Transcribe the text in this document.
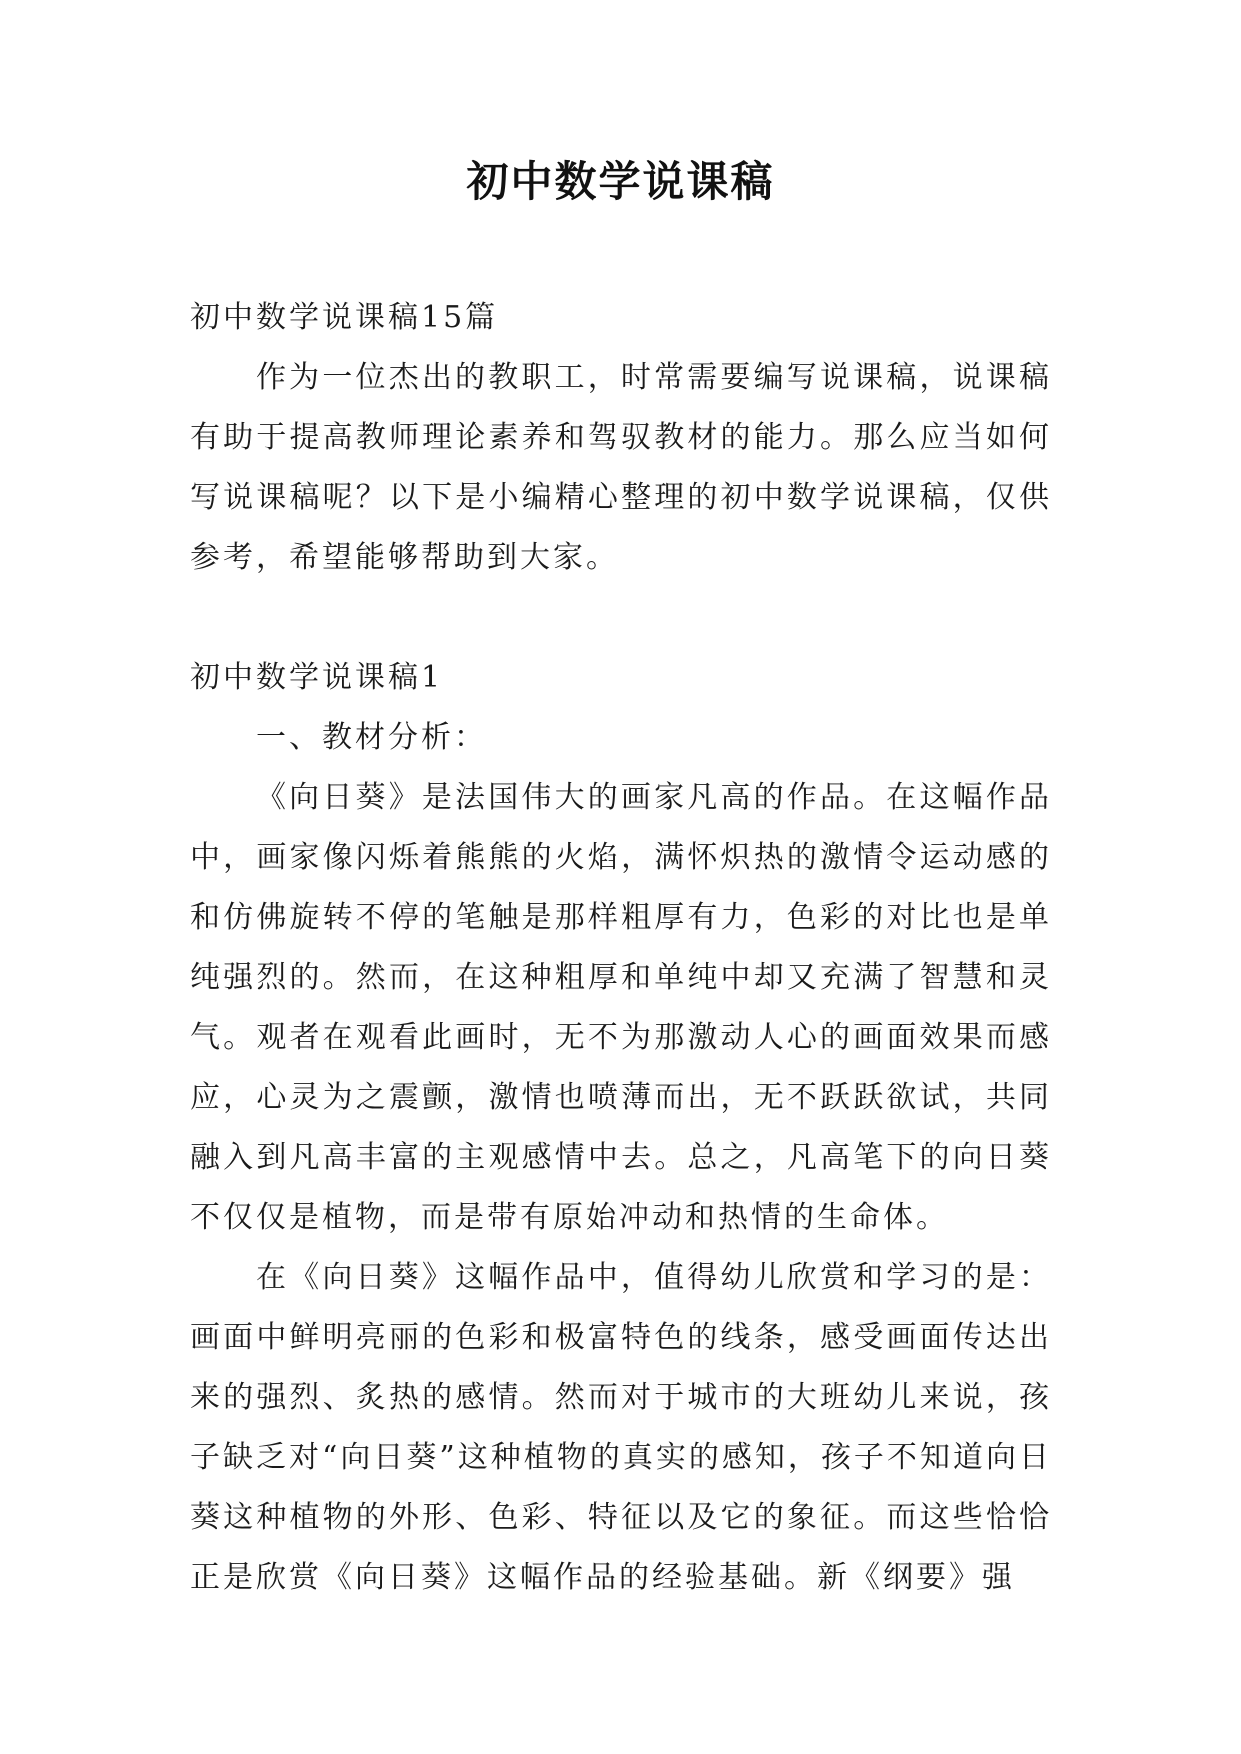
初中数学说课稿

初中数学说课稿15篇

作为一位杰出的教职工，时常需要编写说课稿，说课稿有助于提高教师理论素养和驾驭教材的能力。那么应当如何写说课稿呢？以下是小编精心整理的初中数学说课稿，仅供参考，希望能够帮助到大家。

初中数学说课稿1

一、教材分析：

《向日葵》是法国伟大的画家凡高的作品。在这幅作品中，画家像闪烁着熊熊的火焰，满怀炽热的激情令运动感的和仿佛旋转不停的笔触是那样粗厚有力，色彩的对比也是单纯强烈的。然而，在这种粗厚和单纯中却又充满了智慧和灵气。观者在观看此画时，无不为那激动人心的画面效果而感应，心灵为之震颤，激情也喷薄而出，无不跃跃欲试，共同融入到凡高丰富的主观感情中去。总之，凡高笔下的向日葵不仅仅是植物，而是带有原始冲动和热情的生命体。

在《向日葵》这幅作品中，值得幼儿欣赏和学习的是：画面中鲜明亮丽的色彩和极富特色的线条，感受画面传达出来的强烈、炙热的感情。然而对于城市的大班幼儿来说，孩子缺乏对“向日葵”这种植物的真实的感知，孩子不知道向日葵这种植物的外形、色彩、特征以及它的象征。而这些恰恰正是欣赏《向日葵》这幅作品的经验基础。新《纲要》强
